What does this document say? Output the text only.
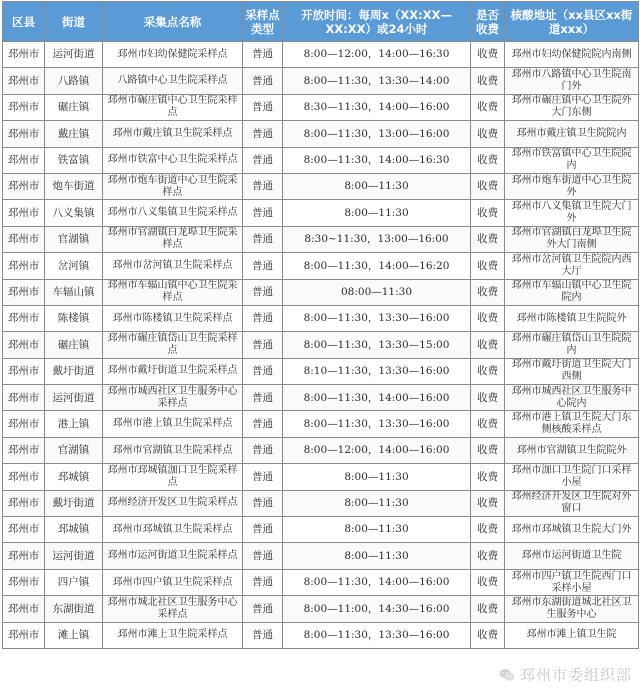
区县	街道	采集点名称	采样点类型	开放时间：每周x（XX:XX—XX:XX）或24小时	是否收费	核酸地址（xx县区xx街道xxx）
邳州市	运河街道	邳州市妇幼保健院采样点	普通	8:00—12:00，14:00—16:30	收费	邳州市妇幼保健院院内南侧
邳州市	八路镇	八路镇中心卫生院采样点	普通	8:00—11:30，13:30—14:00	收费	邳州市八路镇中心卫生院南门外
邳州市	碾庄镇	邳州市碾庄镇中心卫生院采样点	普通	8:30—11:30，14:00—16:00	收费	邳州市碾庄镇中心卫生院外大门东侧
邳州市	戴庄镇	邳州市戴庄镇卫生院采样点	普通	8:00—11:30，13:00—16:00	收费	邳州市戴庄镇卫生院院内
邳州市	铁富镇	邳州市铁富中心卫生院采样点	普通	8:00—11:30，14:00—16:30	收费	邳州市铁富镇中心卫生院院内
邳州市	炮车街道	邳州市炮车街道中心卫生院采样点	普通	8:00—11:30	收费	邳州市炮车街道中心卫生院外
邳州市	八义集镇	邳州市八义集镇卫生院采样点	普通	8:00—11:30	收费	邳州市八义集镇卫生院大门外
邳州市	官湖镇	邳州市官湖镇白龙埠卫生院采样点	普通	8:30~11:30，13:00—16:00	收费	邳州市官湖镇白龙埠卫生院外大门南侧
邳州市	岔河镇	邳州市岔河镇卫生院采样点	普通	8:00—11:30，14:00—16:20	收费	邳州市岔河镇卫生院院内西大厅
邳州市	车辐山镇	邳州市车辐山镇中心卫生院采样点	普通	08:00—11:30	收费	邳州市车辐山镇中心卫生院院内
邳州市	陈楼镇	邳州市陈楼镇卫生院采样点	普通	8:00—11:30，13:30—16:00	收费	邳州市陈楼镇卫生院院外
邳州市	碾庄镇	邳州市碾庄镇岱山卫生院采样点	普通	8:00—11:30，13:30—15:00	收费	邳州市碾庄镇岱山卫生院院内
邳州市	戴圩街道	邳州市戴圩街道卫生院采样点	普通	8:10—11:30，13:30—16:00	收费	邳州市戴圩街道卫生院大门西侧
邳州市	运河街道	邳州市城西社区卫生服务中心采样点	普通	8:00—11:30，14:00—16:00	收费	邳州市城西社区卫生服务中心院内
邳州市	港上镇	邳州市港上镇卫生院采样点	普通	8:00—11:30，13:30—16:00	收费	邳州市港上镇卫生院大门东侧核酸采样点
邳州市	官湖镇	邳州市官湖镇卫生院采样点	普通	8:00—12:00，14:00—16:00	收费	邳州市官湖镇卫生院院外
邳州市	邳城镇	邳州市邳城镇泇口卫生院采样点	普通	8:00—11:30	收费	邳州市泇口卫生院门口采样小屋
邳州市	戴圩街道	邳州经济开发区卫生院采样点	普通	8:00—11:30	收费	邳州经济开发区卫生院对外窗口
邳州市	邳城镇	邳州市邳城镇卫生院采样点	普通	8:00—11:30	收费	邳州市邳城镇卫生院大门外
邳州市	运河街道	邳州市运河街道卫生院采样点	普通	8:00—11:30	收费	邳州市运河街道卫生院
邳州市	四户镇	邳州市四户镇卫生院采样点	普通	8:00—11:30，14:00—16:00	收费	邳州市四户镇卫生院西门口采样小屋
邳州市	东湖街道	邳州市城北社区卫生服务中心采样点	普通	8:00—11:00，14:30—16:00	收费	邳州市东湖街道城北社区卫生服务中心
邳州市	滩上镇	邳州市滩上卫生院采样点	普通	8:00—11:30，13:30—16:00	收费	邳州市滩上镇卫生院
邳州市委组织部
